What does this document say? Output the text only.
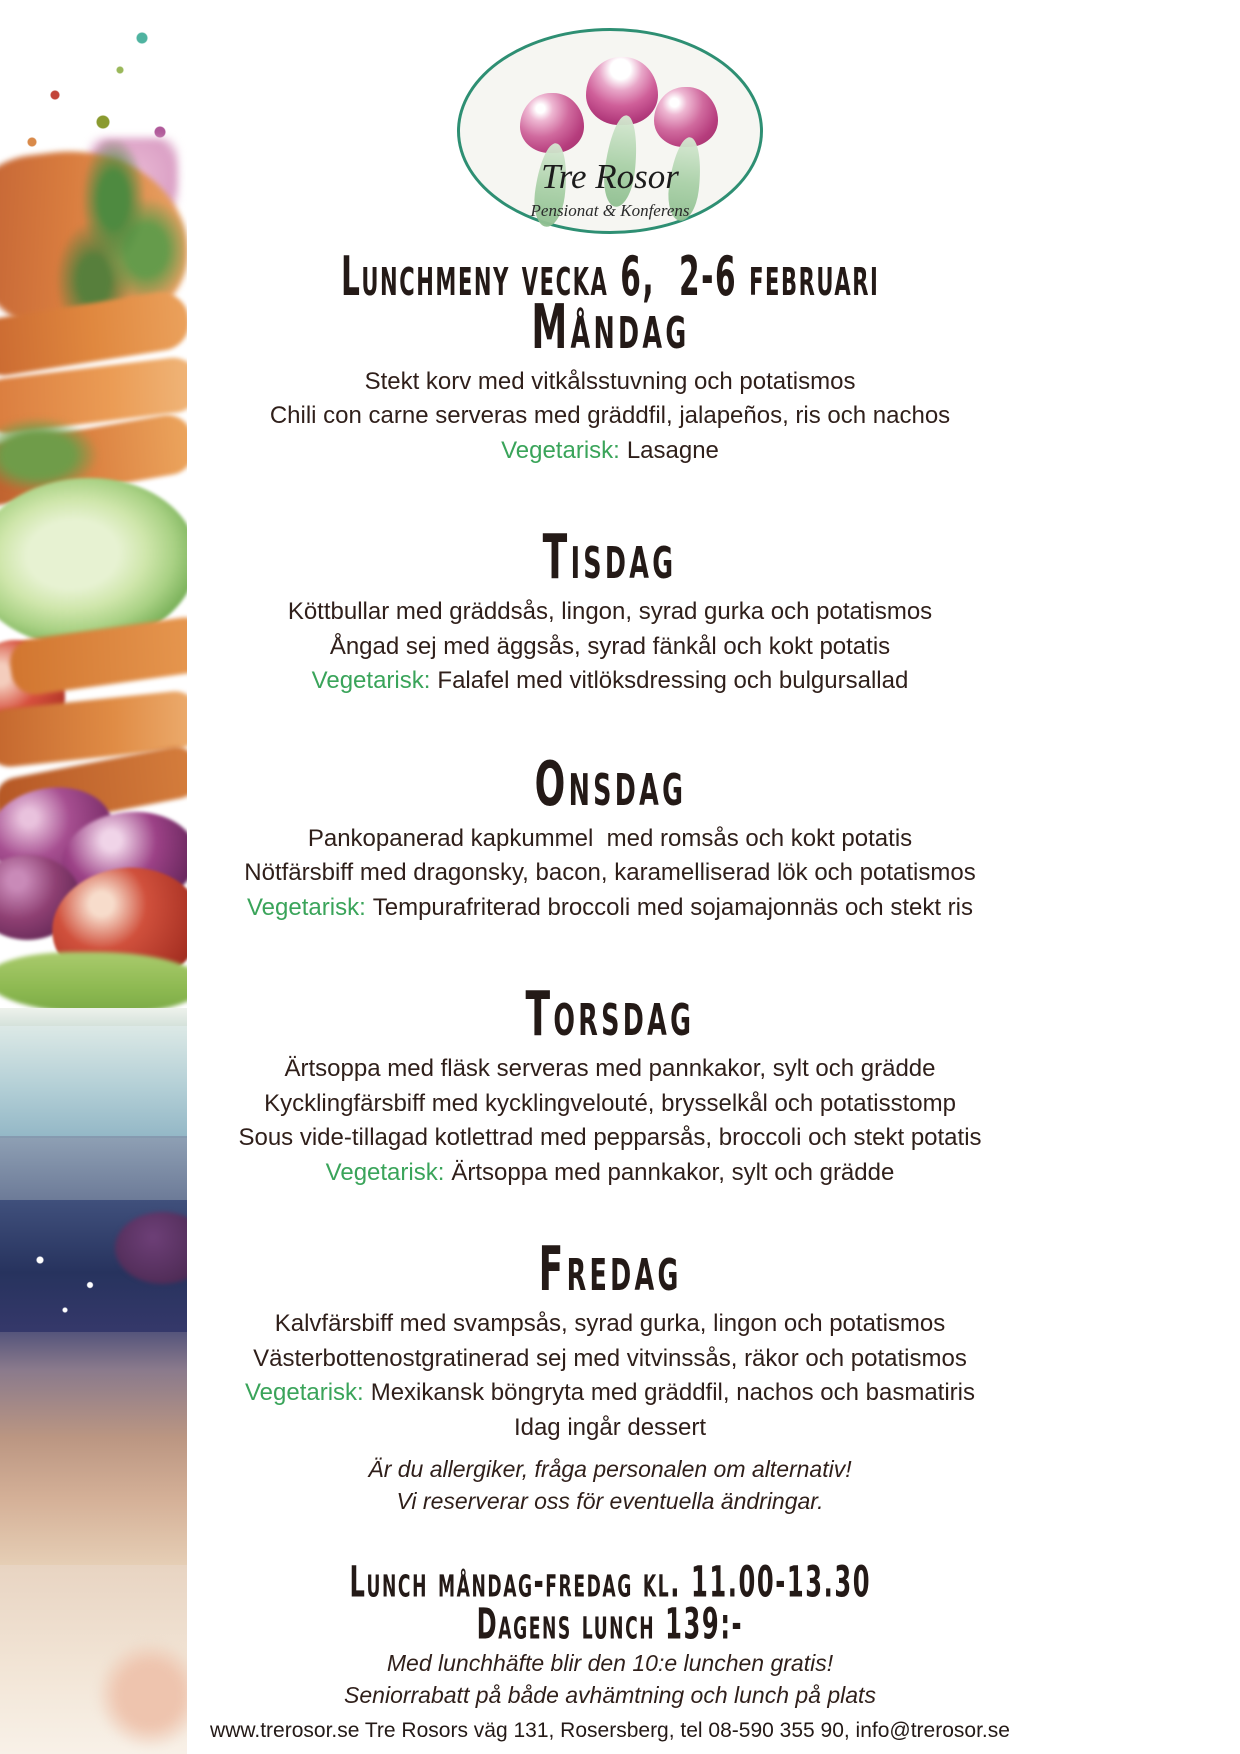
Tre Rosor
Pensionat & Konferens
Lunchmeny vecka 6,  2-6 februari
Måndag

Stekt korv med vitkålsstuvning och potatismos

Chili con carne serveras med gräddfil, jalapeños, ris och nachos

Vegetarisk: Lasagne

Tisdag

Köttbullar med gräddsås, lingon, syrad gurka och potatismos

Ångad sej med äggsås, syrad fänkål och kokt potatis

Vegetarisk: Falafel med vitlöksdressing och bulgursallad

Onsdag

Pankopanerad kapkummel  med romsås och kokt potatis

Nötfärsbiff med dragonsky, bacon, karamelliserad lök och potatismos

Vegetarisk: Tempurafriterad broccoli med sojamajonnäs och stekt ris

Torsdag

Ärtsoppa med fläsk serveras med pannkakor, sylt och grädde

Kycklingfärsbiff med kycklingvelouté, brysselkål och potatisstomp

Sous vide-tillagad kotlettrad med pepparsås, broccoli och stekt potatis

Vegetarisk: Ärtsoppa med pannkakor, sylt och grädde

Fredag

Kalvfärsbiff med svampsås, syrad gurka, lingon och potatismos

Västerbottenostgratinerad sej med vitvinssås, räkor och potatismos

Vegetarisk: Mexikansk böngryta med gräddfil, nachos och basmatiris

Idag ingår dessert

Är du allergiker, fråga personalen om alternativ!

Vi reserverar oss för eventuella ändringar.

Lunch måndag-fredag kl. 11.00-13.30
Dagens lunch 139:-

Med lunchhäfte blir den 10:e lunchen gratis!

Seniorrabatt på både avhämtning och lunch på plats

www.trerosor.se Tre Rosors väg 131, Rosersberg, tel 08-590 355 90, info@trerosor.se
